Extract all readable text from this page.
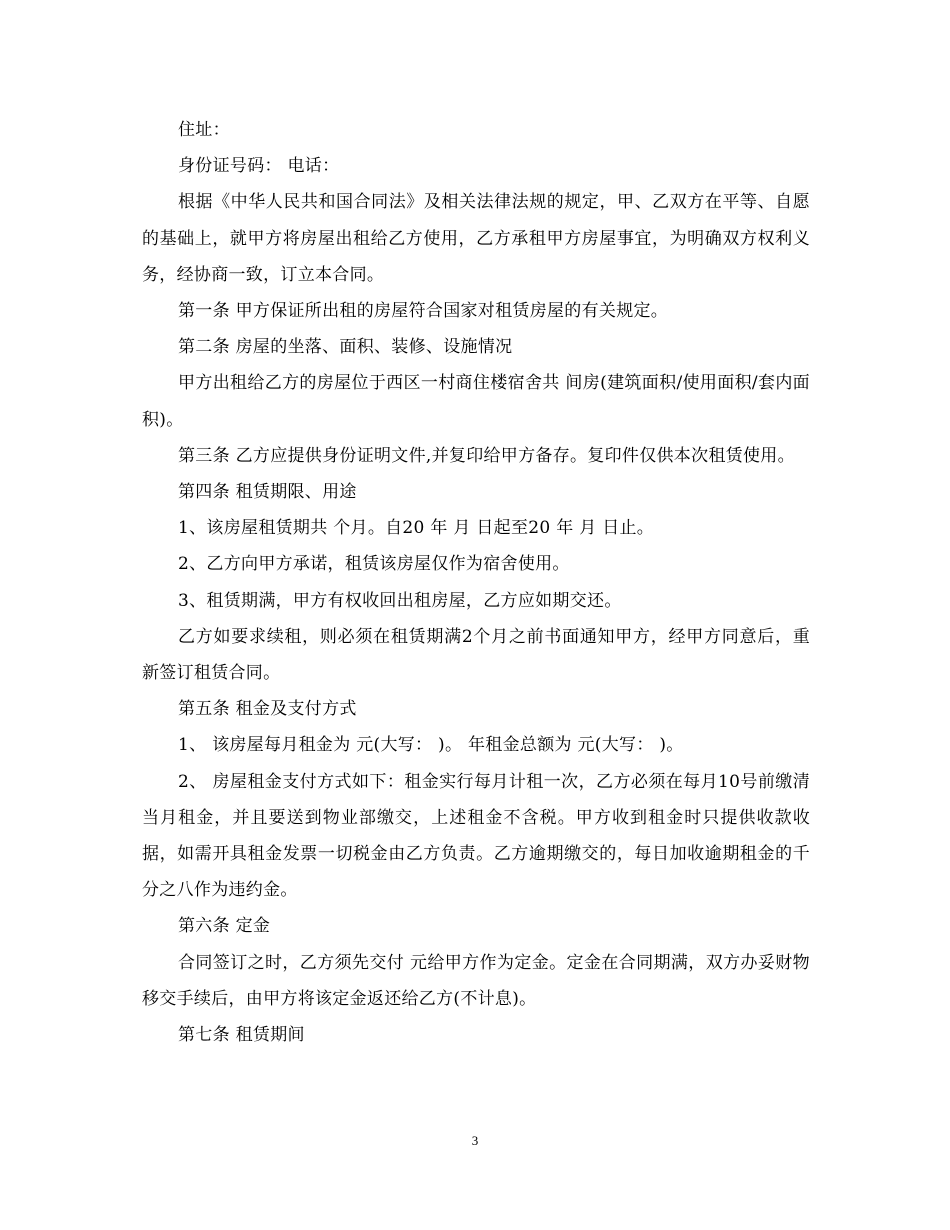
住址：

身份证号码： 电话：

根据《中华人民共和国合同法》及相关法律法规的规定，甲、乙双方在平等、自愿的基础上，就甲方将房屋出租给乙方使用，乙方承租甲方房屋事宜，为明确双方权利义务，经协商一致，订立本合同。

第一条 甲方保证所出租的房屋符合国家对租赁房屋的有关规定。

第二条 房屋的坐落、面积、装修、设施情况

甲方出租给乙方的房屋位于西区一村商住楼宿舍共 间房(建筑面积/使用面积/套内面积)。

第三条 乙方应提供身份证明文件,并复印给甲方备存。复印件仅供本次租赁使用。

第四条 租赁期限、用途

1、该房屋租赁期共 个月。自20 年 月 日起至20 年 月 日止。

2、乙方向甲方承诺，租赁该房屋仅作为宿舍使用。

3、租赁期满，甲方有权收回出租房屋，乙方应如期交还。

乙方如要求续租，则必须在租赁期满2个月之前书面通知甲方，经甲方同意后，重新签订租赁合同。

第五条 租金及支付方式

1、 该房屋每月租金为 元(大写： )。 年租金总额为 元(大写： )。

2、 房屋租金支付方式如下：租金实行每月计租一次，乙方必须在每月10号前缴清当月租金，并且要送到物业部缴交，上述租金不含税。甲方收到租金时只提供收款收据，如需开具租金发票一切税金由乙方负责。乙方逾期缴交的，每日加收逾期租金的千分之八作为违约金。

第六条 定金

合同签订之时，乙方须先交付 元给甲方作为定金。定金在合同期满，双方办妥财物移交手续后，由甲方将该定金返还给乙方(不计息)。

第七条 租赁期间

3
